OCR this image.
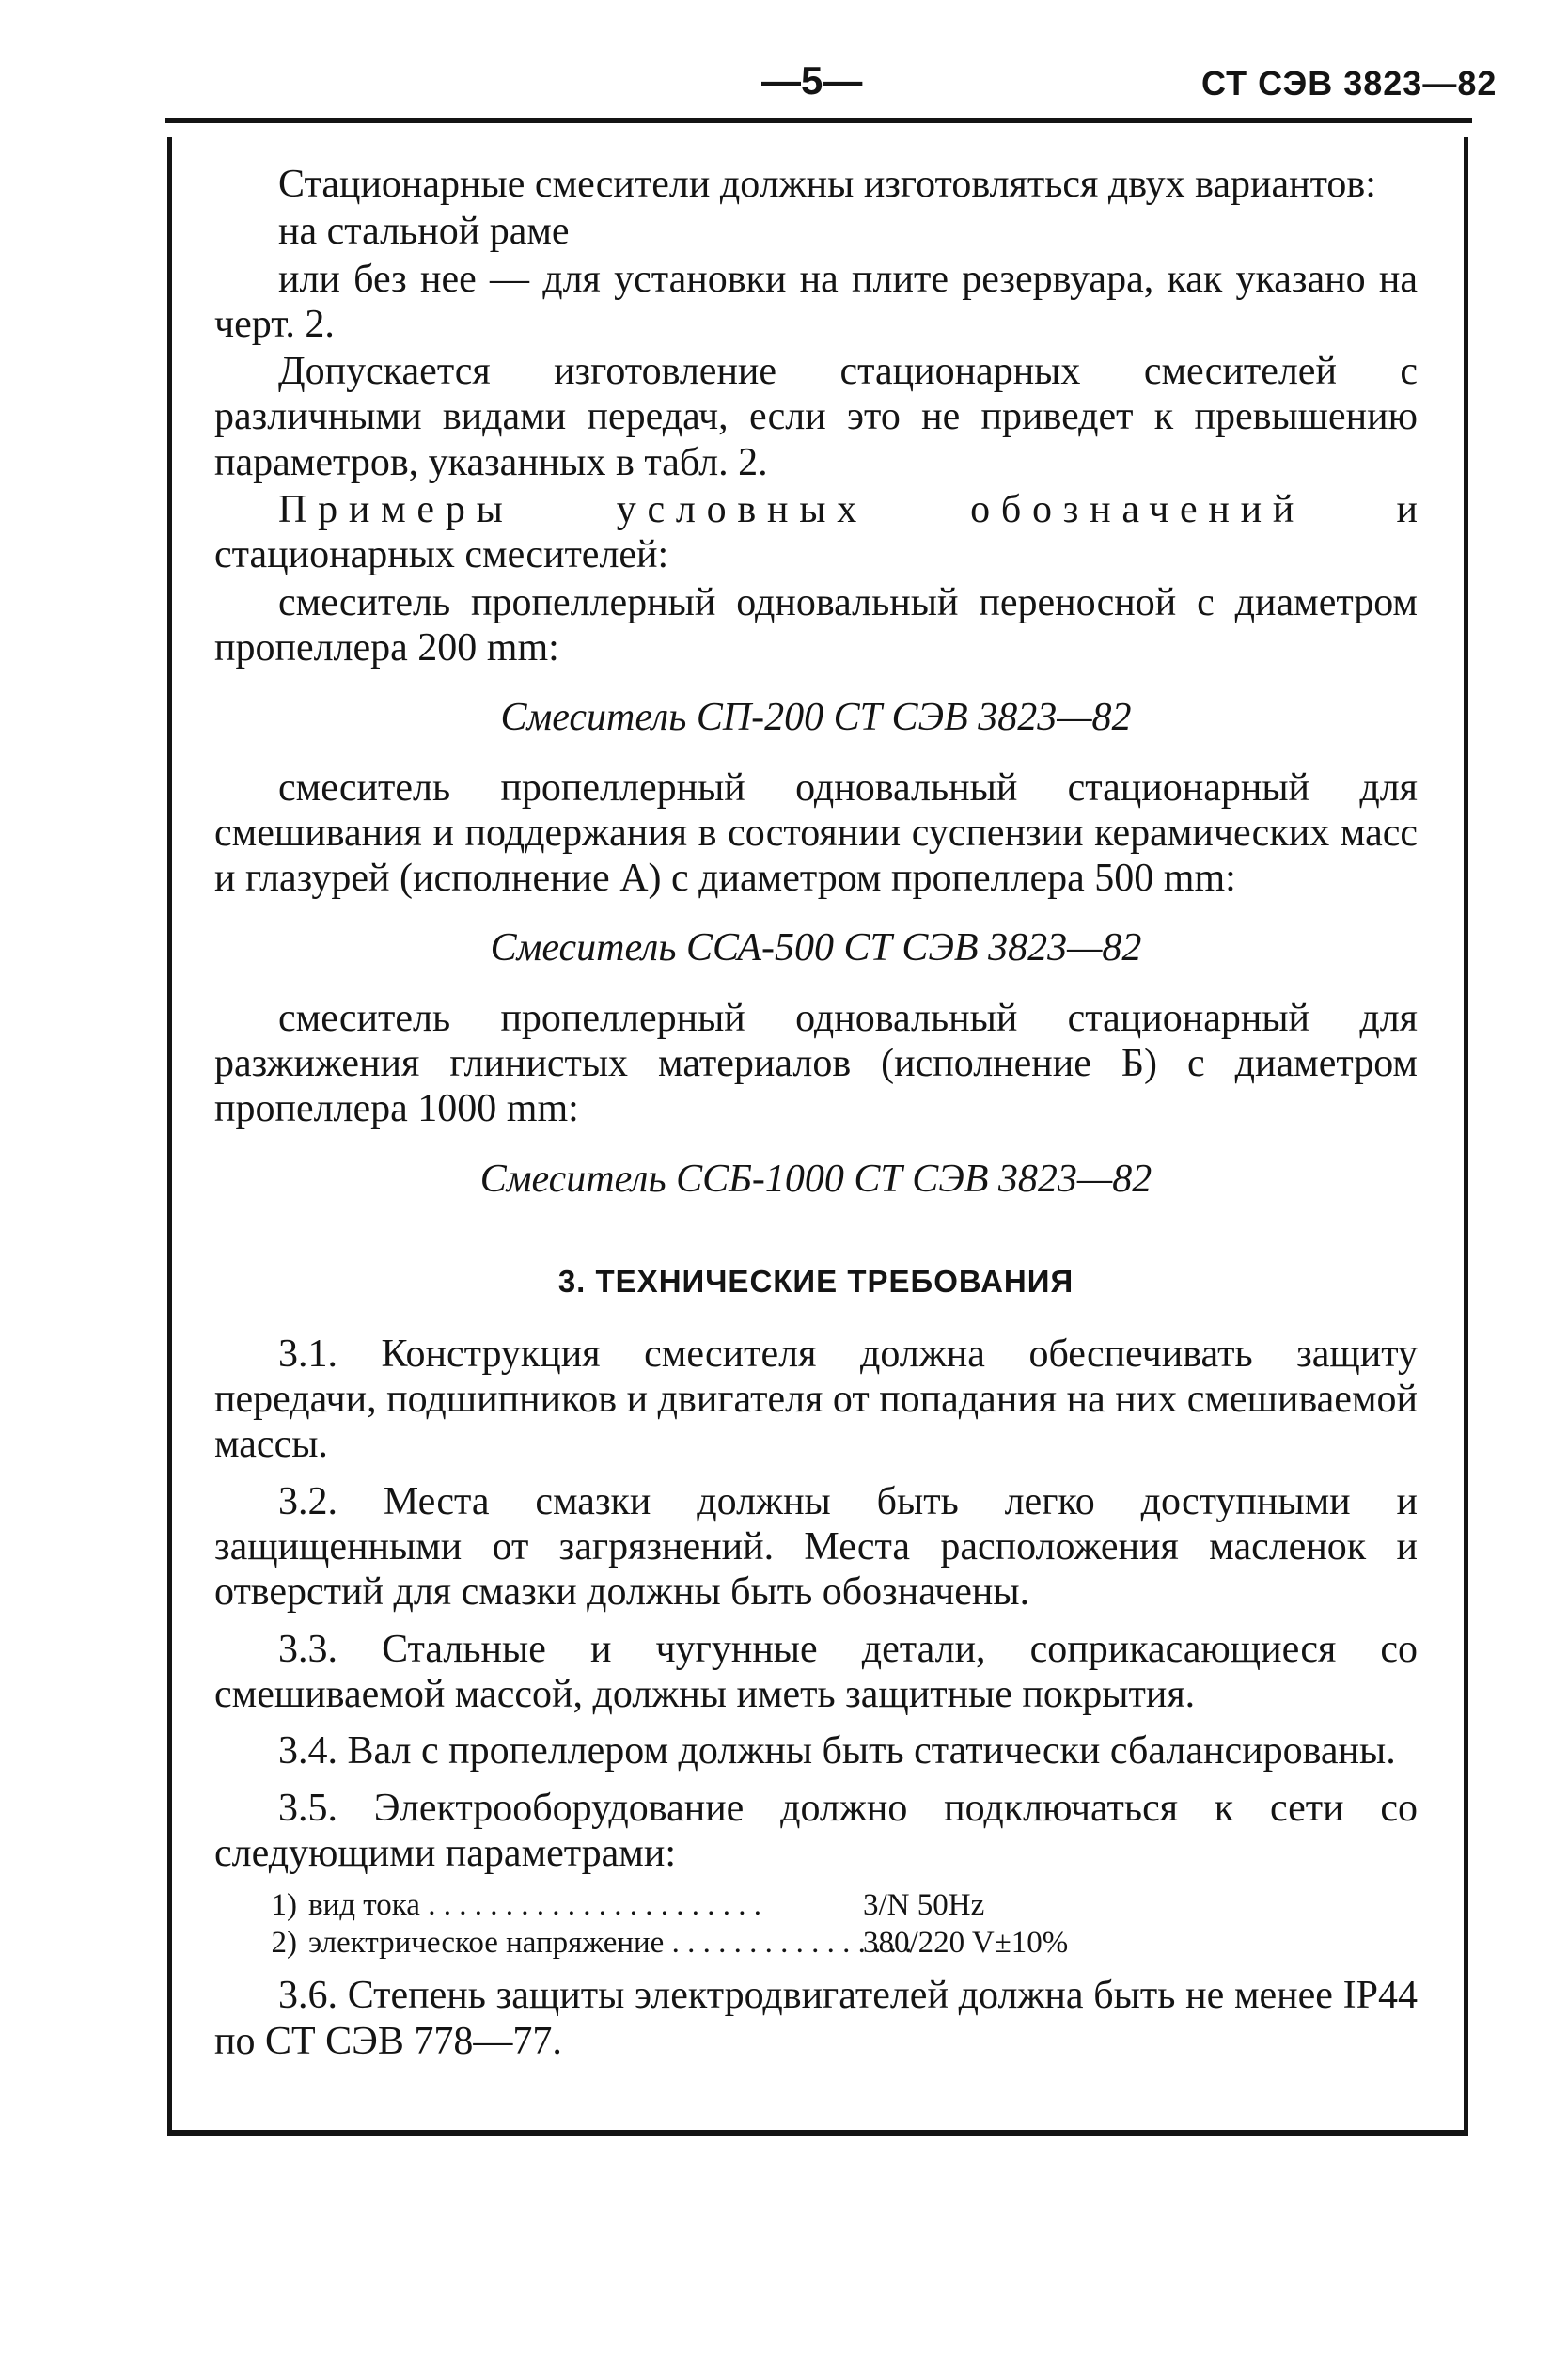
—5—	СТ СЭВ 3823—82

Стационарные смесители должны изготовляться двух вариантов:

на стальной раме

или без нее — для установки на плите резервуара, как указано на черт. 2.

Допускается изготовление стационарных смесителей с различными видами передач, если это не приведет к превышению параметров, указанных в табл. 2.

Примеры условных обозначений и стационарных смесителей:

смеситель пропеллерный одновальный переносной с диаметром пропеллера 200 mm:

Смеситель СП-200 СТ СЭВ 3823—82

смеситель пропеллерный одновальный стационарный для смешивания и поддержания в состоянии суспензии керамических масс и глазурей (исполнение А) с диаметром пропеллера 500 mm:

Смеситель ССА-500 СТ СЭВ 3823—82

смеситель пропеллерный одновальный стационарный для разжижения глинистых материалов (исполнение Б) с диаметром пропеллера 1000 mm:

Смеситель ССБ-1000 СТ СЭВ 3823—82

3. ТЕХНИЧЕСКИЕ ТРЕБОВАНИЯ

3.1. Конструкция смесителя должна обеспечивать защиту передачи, подшипников и двигателя от попадания на них смешиваемой массы.

3.2. Места смазки должны быть легко доступными и защищенными от загрязнений. Места расположения масленок и отверстий для смазки должны быть обозначены.

3.3. Стальные и чугунные детали, соприкасающиеся со смешиваемой массой, должны иметь защитные покрытия.

3.4. Вал с пропеллером должны быть статически сбалансированы.

3.5. Электрооборудование должно подключаться к сети со следующими параметрами:

1) вид тока . . . . . . . . . . . . . . . . . . . . . .	3/N 50Hz
2) электрическое напряжение . . . . . . . . . . . . . . . .
380/220 V±10%

3.6. Степень защиты электродвигателей должна быть не менее IP44 по СТ СЭВ 778—77.
